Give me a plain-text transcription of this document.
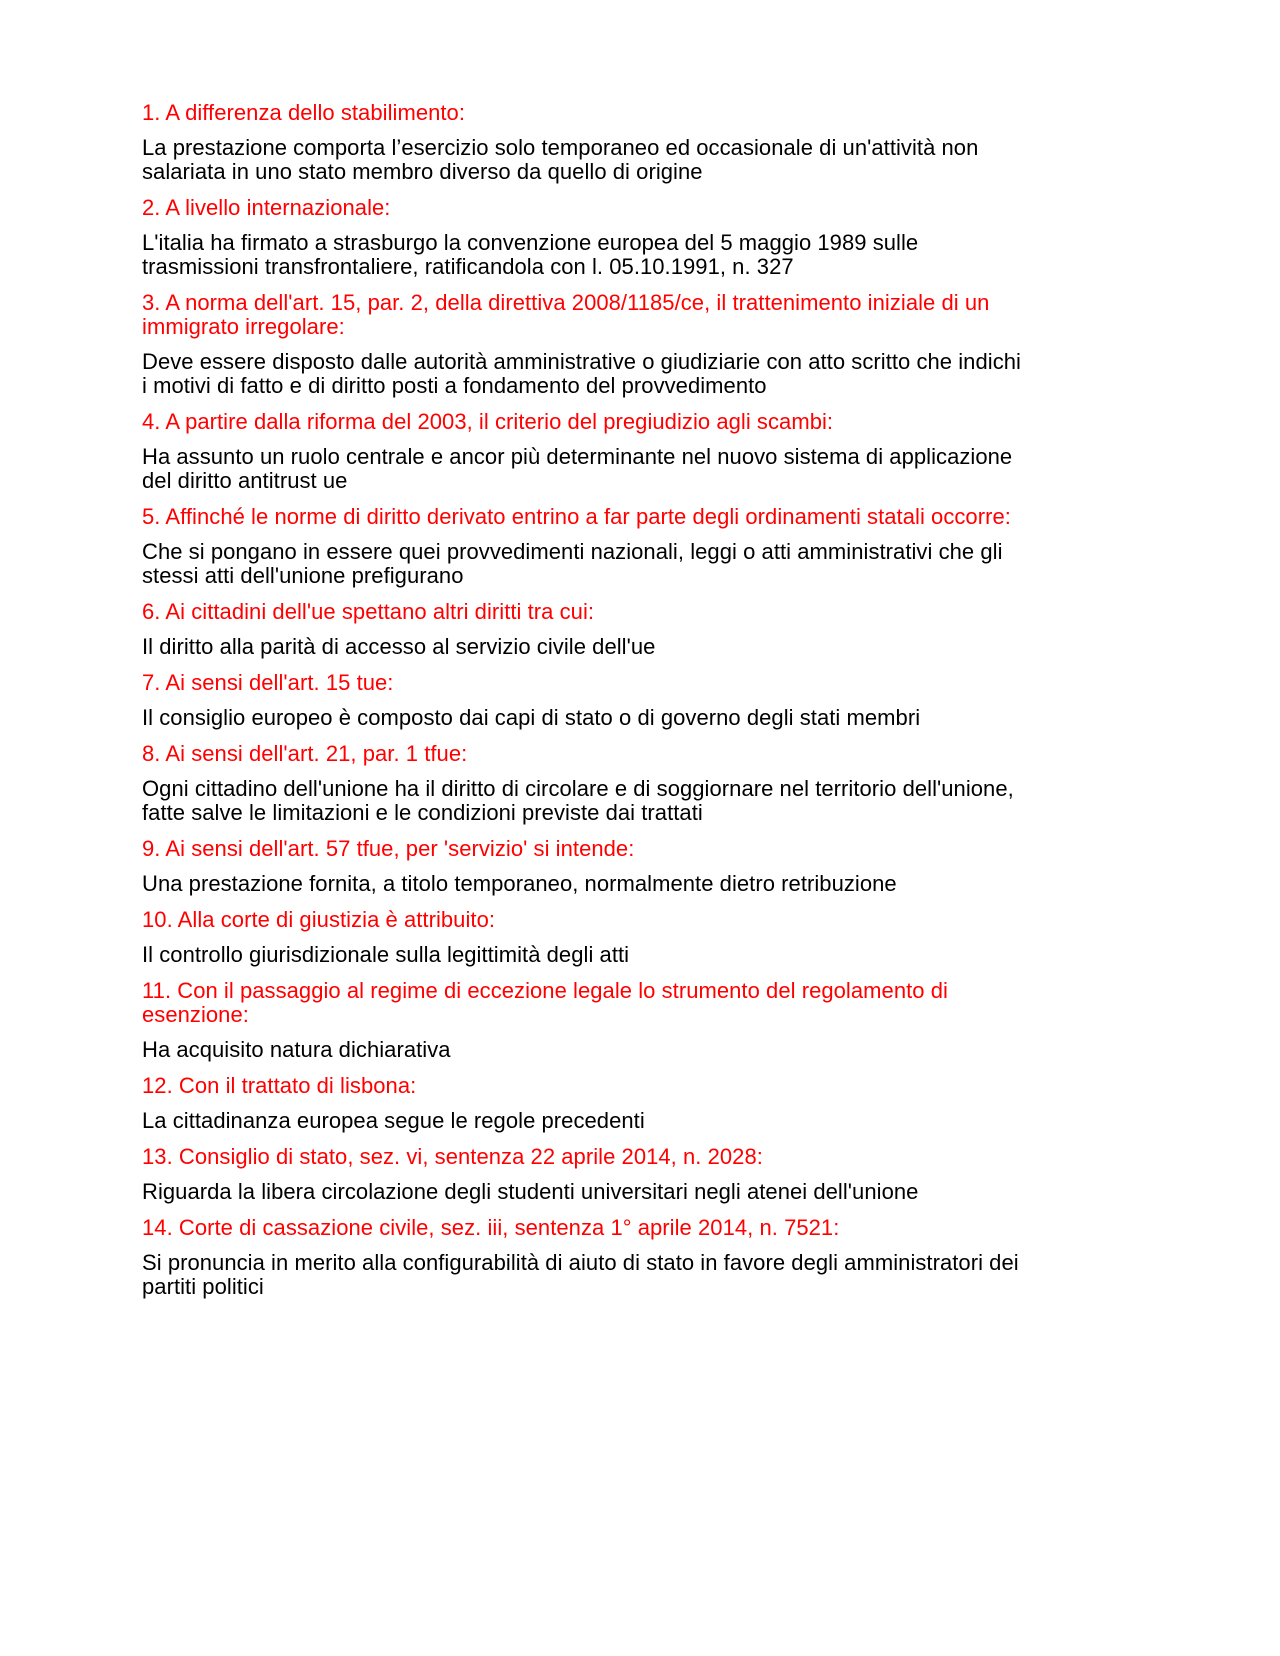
1. A differenza dello stabilimento:
La prestazione comporta l’esercizio solo temporaneo ed occasionale di un'attività non
salariata in uno stato membro diverso da quello di origine
2. A livello internazionale:
L'italia ha firmato a strasburgo la convenzione europea del 5 maggio 1989 sulle
trasmissioni transfrontaliere, ratificandola con l. 05.10.1991, n. 327
3. A norma dell'art. 15, par. 2, della direttiva 2008/1185/ce, il trattenimento iniziale di un
immigrato irregolare:
Deve essere disposto dalle autorità amministrative o giudiziarie con atto scritto che indichi
i motivi di fatto e di diritto posti a fondamento del provvedimento
4. A partire dalla riforma del 2003, il criterio del pregiudizio agli scambi:
Ha assunto un ruolo centrale e ancor più determinante nel nuovo sistema di applicazione
del diritto antitrust ue
5. Affinché le norme di diritto derivato entrino a far parte degli ordinamenti statali occorre:
Che si pongano in essere quei provvedimenti nazionali, leggi o atti amministrativi che gli
stessi atti dell'unione prefigurano
6. Ai cittadini dell'ue spettano altri diritti tra cui:
Il diritto alla parità di accesso al servizio civile dell'ue
7. Ai sensi dell'art. 15 tue:
Il consiglio europeo è composto dai capi di stato o di governo degli stati membri
8. Ai sensi dell'art. 21, par. 1 tfue:
Ogni cittadino dell'unione ha il diritto di circolare e di soggiornare nel territorio dell'unione,
fatte salve le limitazioni e le condizioni previste dai trattati
9. Ai sensi dell'art. 57 tfue, per 'servizio' si intende:
Una prestazione fornita, a titolo temporaneo, normalmente dietro retribuzione
10. Alla corte di giustizia è attribuito:
Il controllo giurisdizionale sulla legittimità degli atti
11. Con il passaggio al regime di eccezione legale lo strumento del regolamento di
esenzione:
Ha acquisito natura dichiarativa
12. Con il trattato di lisbona:
La cittadinanza europea segue le regole precedenti
13. Consiglio di stato, sez. vi, sentenza 22 aprile 2014, n. 2028:
Riguarda la libera circolazione degli studenti universitari negli atenei dell'unione
14. Corte di cassazione civile, sez. iii, sentenza 1° aprile 2014, n. 7521:
Si pronuncia in merito alla configurabilità di aiuto di stato in favore degli amministratori dei
partiti politici
